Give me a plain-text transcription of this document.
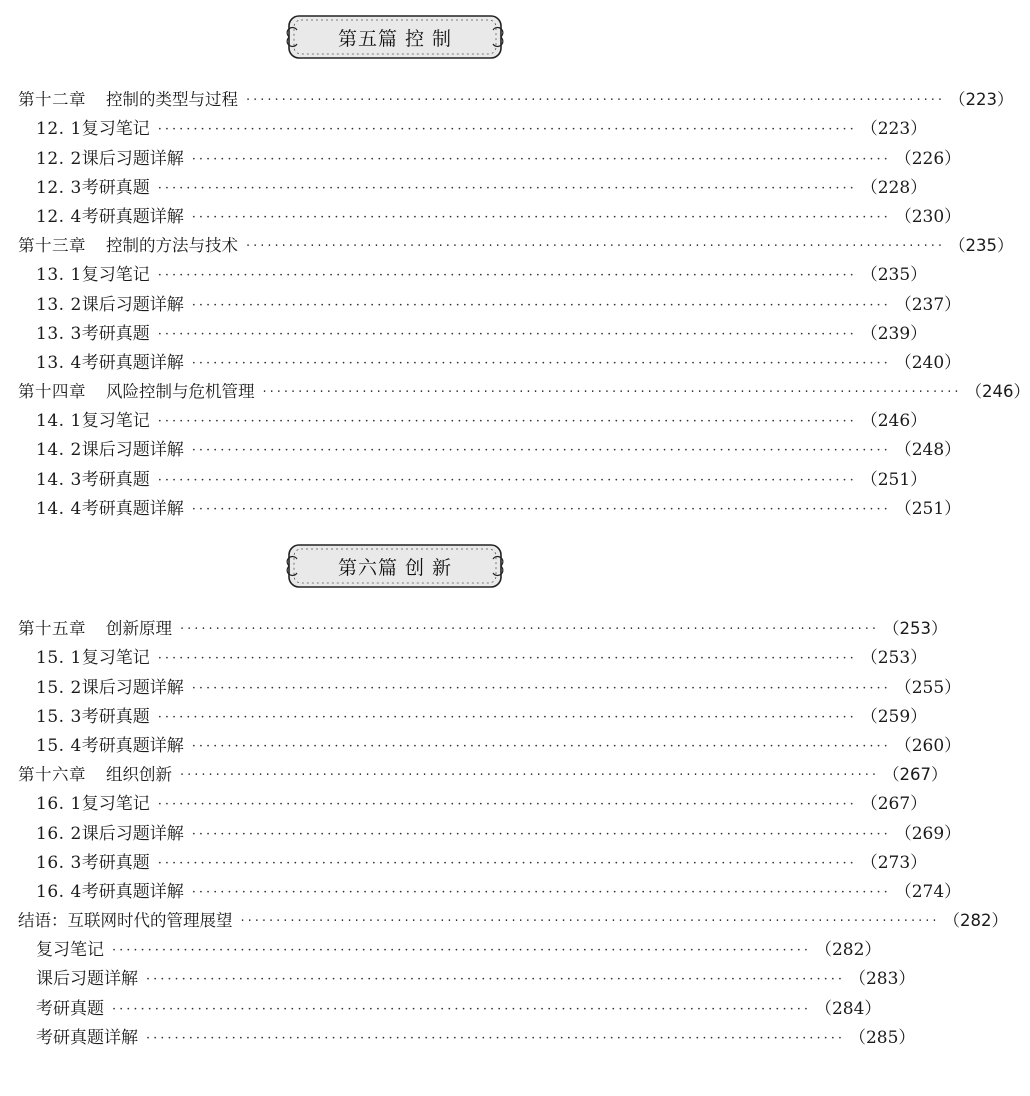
第五篇 控 制
第十二章 控制的类型与过程 ·································································································· （223）
12. 1 复习笔记 ·································································································· （223）
12. 2 课后习题详解 ·································································································· （226）
12. 3 考研真题 ·································································································· （228）
12. 4 考研真题详解 ·································································································· （230）
第十三章 控制的方法与技术 ·································································································· （235）
13. 1 复习笔记 ·································································································· （235）
13. 2 课后习题详解 ·································································································· （237）
13. 3 考研真题 ·································································································· （239）
13. 4 考研真题详解 ·································································································· （240）
第十四章 风险控制与危机管理 ·································································································· （246）
14. 1 复习笔记 ·································································································· （246）
14. 2 课后习题详解 ·································································································· （248）
14. 3 考研真题 ·································································································· （251）
14. 4 考研真题详解 ·································································································· （251）
第六篇 创 新
第十五章 创新原理 ·································································································· （253）
15. 1 复习笔记 ·································································································· （253）
15. 2 课后习题详解 ·································································································· （255）
15. 3 考研真题 ·································································································· （259）
15. 4 考研真题详解 ·································································································· （260）
第十六章 组织创新 ·································································································· （267）
16. 1 复习笔记 ·································································································· （267）
16. 2 课后习题详解 ·································································································· （269）
16. 3 考研真题 ·································································································· （273）
16. 4 考研真题详解 ·································································································· （274）
结语：互联网时代的管理展望 ·································································································· （282）
复习笔记 ·································································································· （282）
课后习题详解 ·································································································· （283）
考研真题 ·································································································· （284）
考研真题详解 ·································································································· （285）
